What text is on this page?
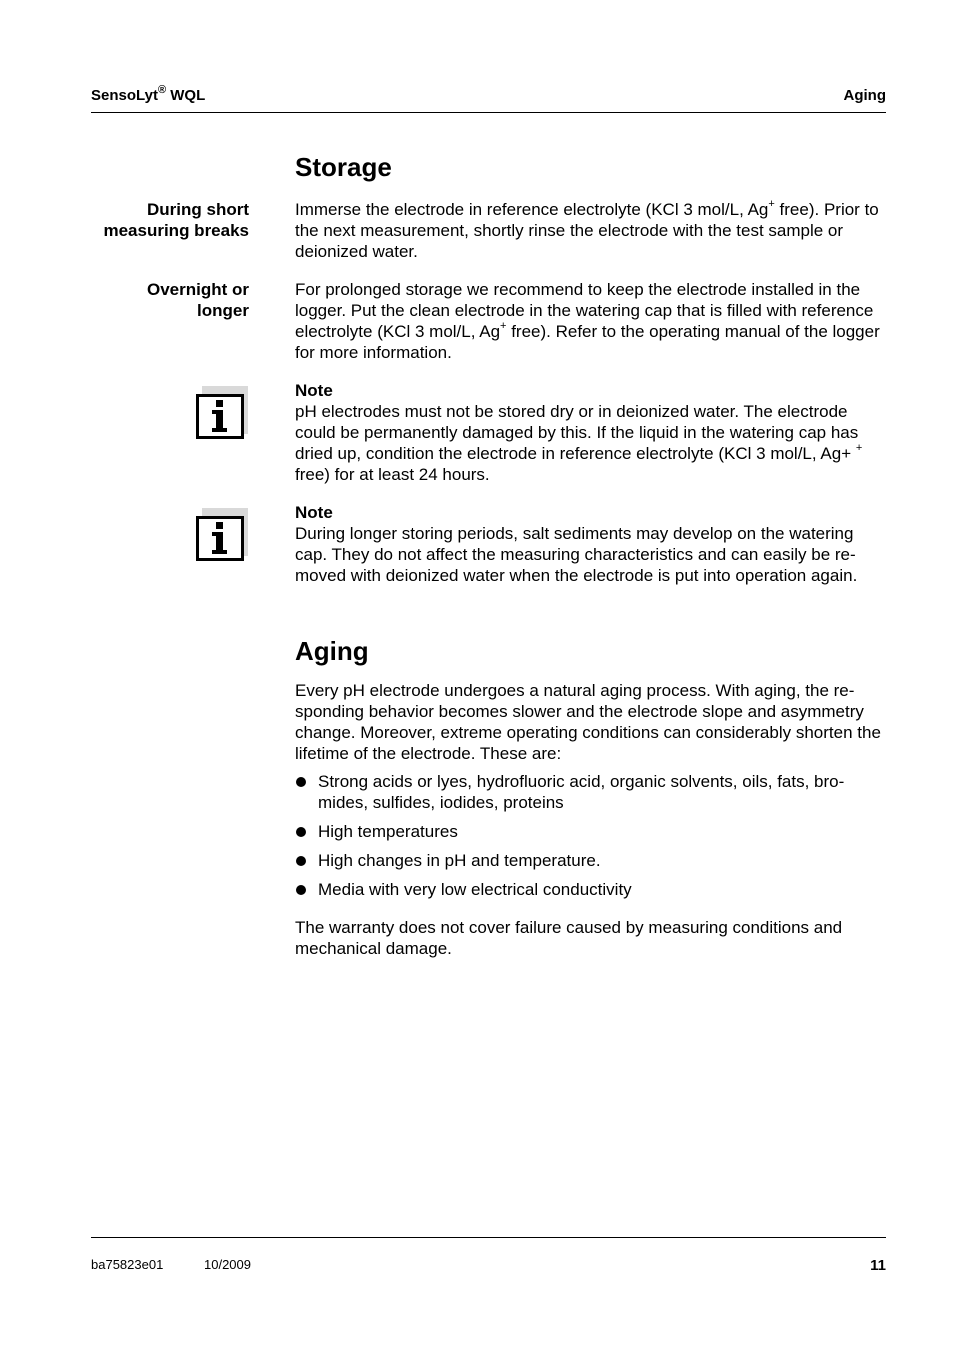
SensoLyt® WQL	Aging
Storage
During short
measuring breaks

Immerse the electrode in reference electrolyte (KCl 3 mol/L, Ag+ free). Prior to the next measurement, shortly rinse the electrode with the test sample or deionized water.

Overnight or
longer

For prolonged storage we recommend to keep the electrode installed in the logger. Put the clean electrode in the watering cap that is filled with reference electrolyte (KCl 3 mol/L, Ag+ free). Refer to the operating manual of the logger for more information.

Note

pH electrodes must not be stored dry or in deionized water. The electrode could be permanently damaged by this. If the liquid in the watering cap has dried up, condition the electrode in reference electrolyte (KCl 3 mol/L, Ag+ +
free) for at least 24 hours.

Note

During longer storing periods, salt sediments may develop on the watering cap. They do not affect the measuring characteristics and can easily be re-moved with deionized water when the electrode is put into operation again.

Aging
Every pH electrode undergoes a natural aging process. With aging, the re-sponding behavior becomes slower and the electrode slope and asymmetry change. Moreover, extreme operating conditions can considerably shorten the lifetime of the electrode. These are:
Strong acids or lyes, hydrofluoric acid, organic solvents, oils, fats, bro-mides, sulfides, iodides, proteins
High temperatures
High changes in pH and temperature.
Media with very low electrical conductivity
The warranty does not cover failure caused by measuring conditions and mechanical damage.
ba75823e01	10/2009	11
